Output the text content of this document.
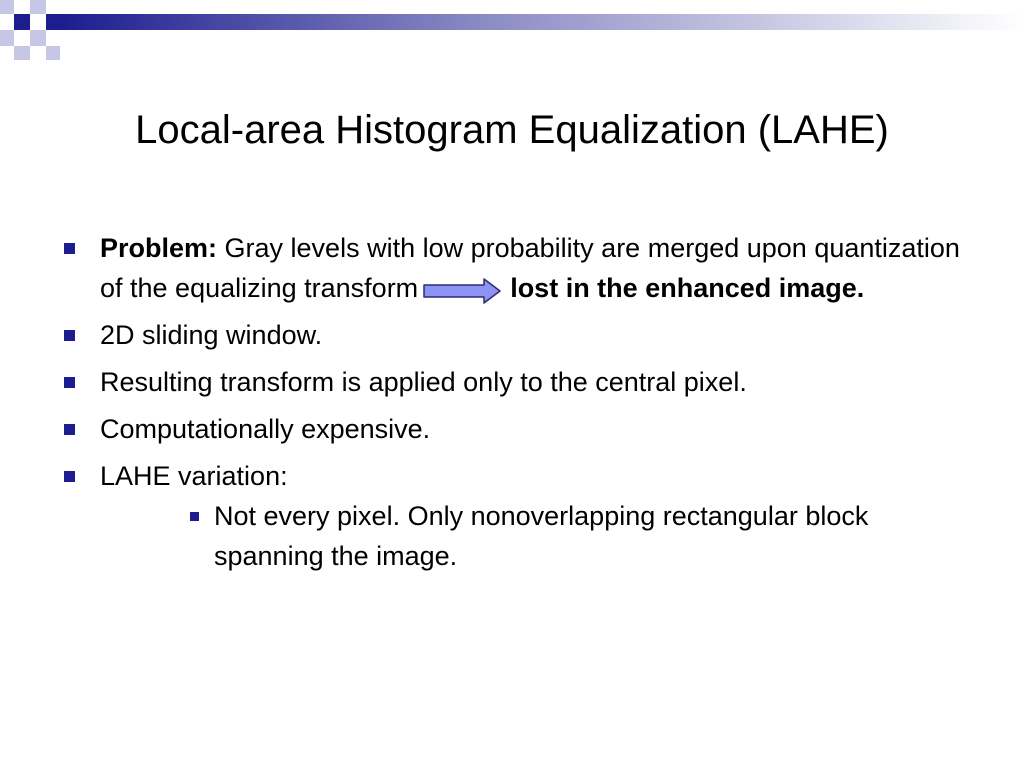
Local-area Histogram Equalization (LAHE)
Problem: Gray levels with low probability are merged upon quantization of the equalizing transform	lost in the enhanced image.
2D sliding window.
Resulting transform is applied only to the central pixel.
Computationally expensive.
LAHE variation:
Not every pixel. Only nonoverlapping rectangular block spanning the image.
